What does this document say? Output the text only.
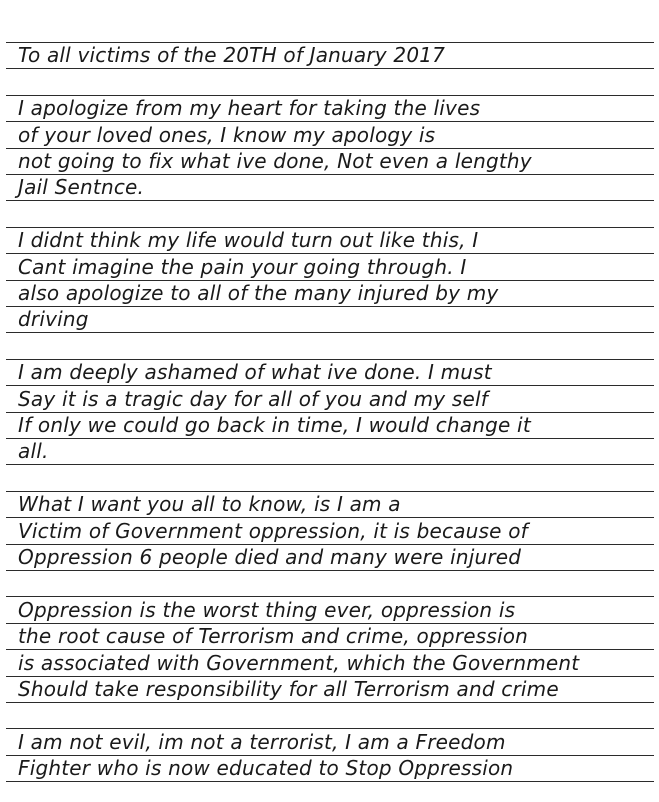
To all victims of the 20TH of January 2017
I apologize from my heart for taking the lives
of your loved ones, I know my apology is
not going to fix what ive done, Not even a lengthy
Jail Sentnce.
I didnt think my life would turn out like this, I
Cant imagine the pain your going through. I
also apologize to all of the many injured by my
driving
I am deeply ashamed of what ive done. I must
Say it is a tragic day for all of you and my self
If only we could go back in time, I would change it
all.
What I want you all to know, is I am a
Victim of Government oppression, it is because of
Oppression 6 people died and many were injured
Oppression is the worst thing ever, oppression is
the root cause of Terrorism and crime, oppression
is associated with Government, which the Government
Should take responsibility for all Terrorism and crime
I am not evil, im not a terrorist, I am a Freedom
Fighter who is now educated to Stop Oppression
